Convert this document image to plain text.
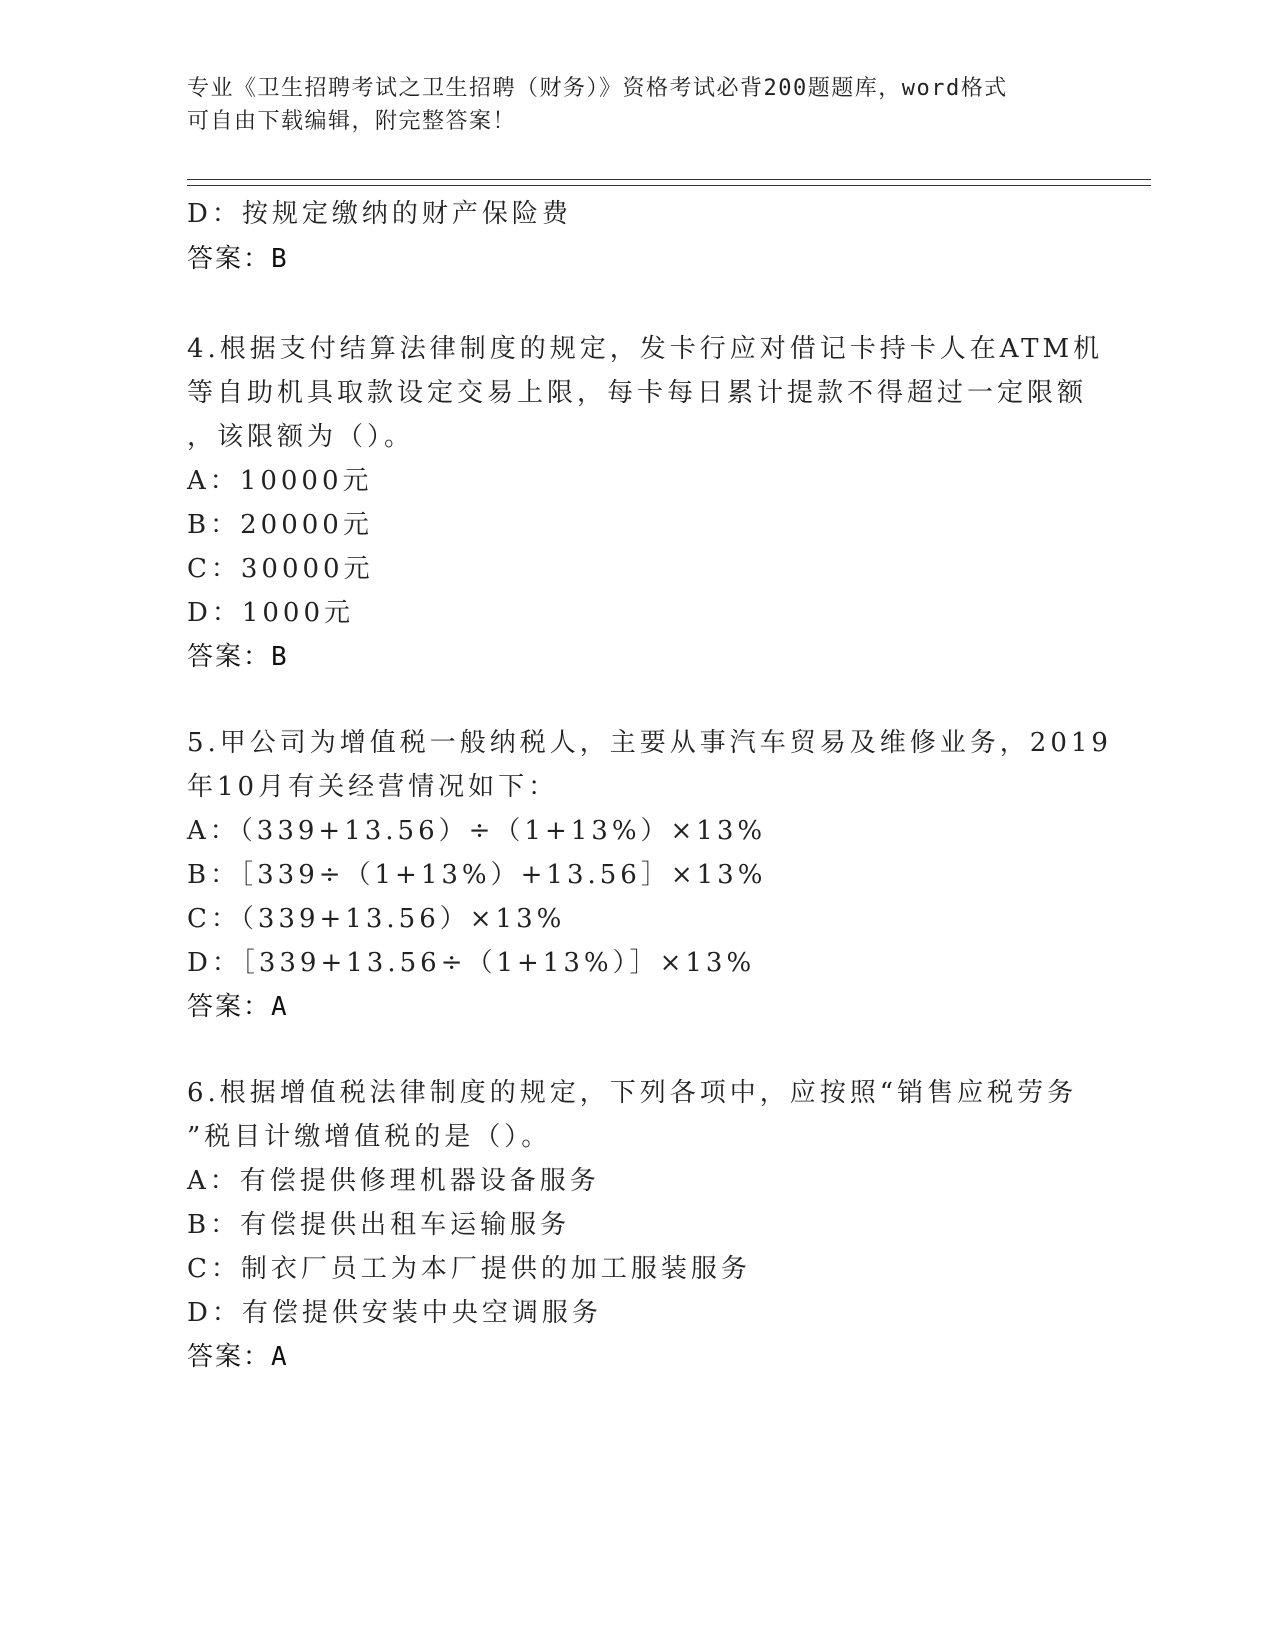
专业《卫生招聘考试之卫生招聘（财务）》资格考试必背200题题库，word格式
可自由下载编辑，附完整答案！
D：按规定缴纳的财产保险费
答案：B
4.根据支付结算法律制度的规定，发卡行应对借记卡持卡人在ATM机
等自助机具取款设定交易上限，每卡每日累计提款不得超过一定限额
，该限额为（）。
A：10000元
B：20000元
C：30000元
D：1000元
答案：B
5.甲公司为增值税一般纳税人，主要从事汽车贸易及维修业务，2019
年10月有关经营情况如下：
A：（339+13.56）÷（1+13%）×13%
B：［339÷（1+13%）+13.56］×13%
C：（339+13.56）×13%
D：［339+13.56÷（1+13%）］×13%
答案：A
6.根据增值税法律制度的规定，下列各项中，应按照“销售应税劳务
”税目计缴增值税的是（）。
A：有偿提供修理机器设备服务
B：有偿提供出租车运输服务
C：制衣厂员工为本厂提供的加工服装服务
D：有偿提供安装中央空调服务
答案：A
